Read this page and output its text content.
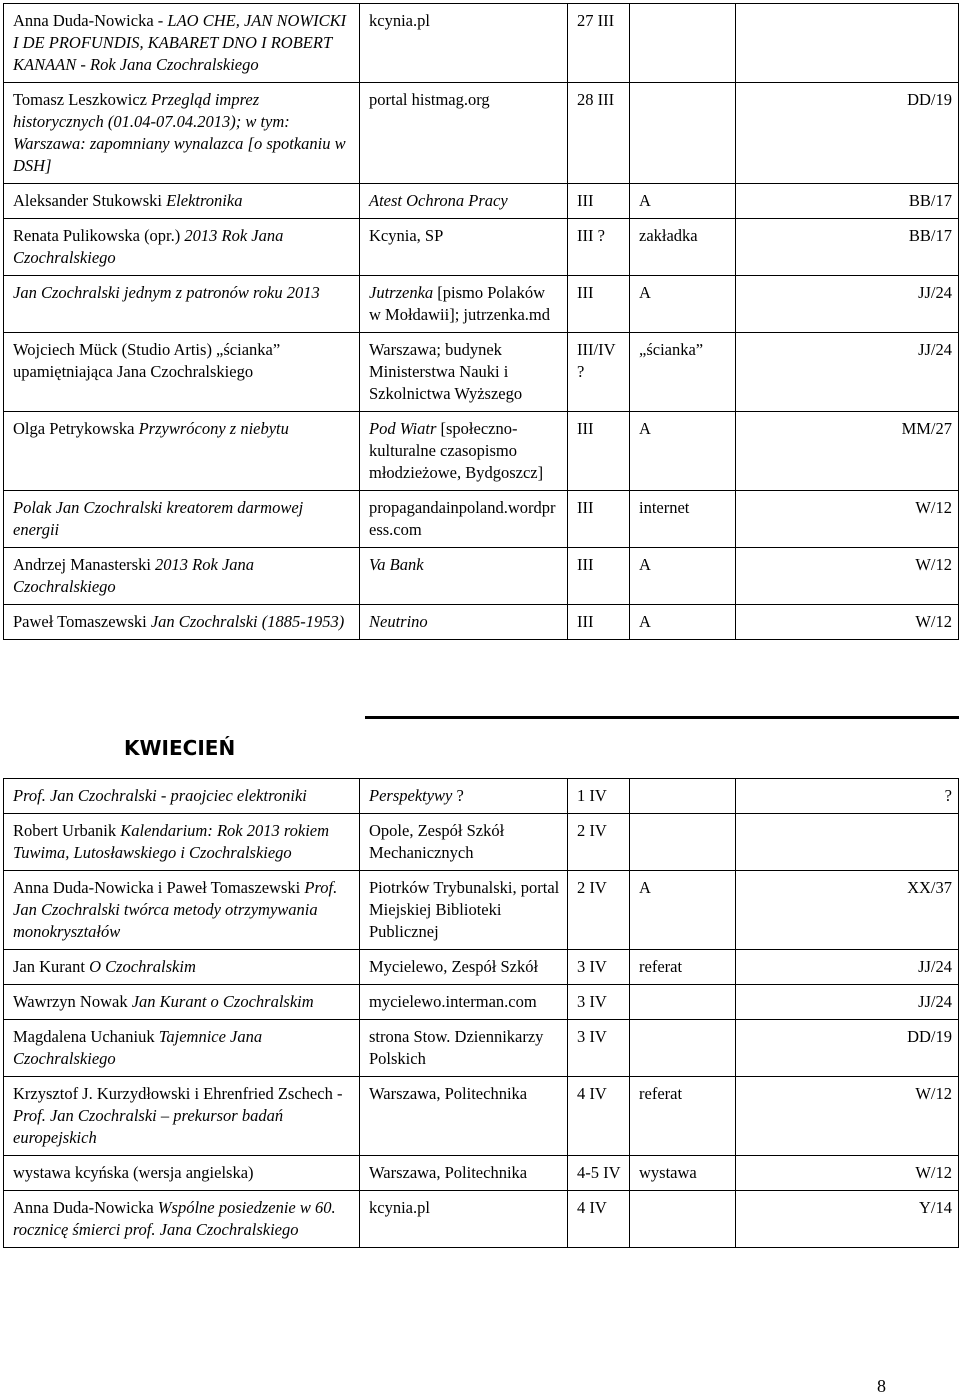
Anna Duda-Nowicka - LAO CHE, JAN NOWICKI I DE PROFUNDIS, KABARET DNO I ROBERT KANAAN - Rok Jana Czochralskiego	kcynia.pl	27 III		
Tomasz Leszkowicz Przegląd imprez historycznych (01.04-07.04.2013); w tym: Warszawa: zapomniany wynalazca [o spotkaniu w DSH]	portal histmag.org	28 III		DD/19
Aleksander Stukowski Elektronika	Atest Ochrona Pracy	III	A	BB/17
Renata Pulikowska (opr.) 2013 Rok Jana Czochralskiego	Kcynia, SP	III ?	zakładka	BB/17
Jan Czochralski jednym z patronów roku 2013	Jutrzenka [pismo Polaków w Mołdawii]; jutrzenka.md	III	A	JJ/24
Wojciech Mück (Studio Artis) „ścianka” upamiętniająca Jana Czochralskiego	Warszawa; budynek Ministerstwa Nauki i Szkolnictwa Wyższego	III/IV ?	„ścianka”	JJ/24
Olga Petrykowska Przywrócony z niebytu	Pod Wiatr [społeczno-kulturalne czasopismo młodzieżowe, Bydgoszcz]	III	A	MM/27
Polak Jan Czochralski kreatorem darmowej energii	propagandainpoland.wordpress.com	III	internet	W/12
Andrzej Manasterski 2013 Rok Jana Czochralskiego	Va Bank	III	A	W/12
Paweł Tomaszewski Jan Czochralski (1885-1953)	Neutrino	III	A	W/12
KWIECIEŃ
Prof. Jan Czochralski - praojciec elektroniki	Perspektywy ?	1 IV		?
Robert Urbanik Kalendarium: Rok 2013 rokiem Tuwima, Lutosławskiego i Czochralskiego	Opole, Zespół Szkół Mechanicznych	2 IV		
Anna Duda-Nowicka i Paweł Tomaszewski Prof. Jan Czochralski twórca metody otrzymywania monokryształów	Piotrków Trybunalski, portal Miejskiej Biblioteki Publicznej	2 IV	A	XX/37
Jan Kurant O Czochralskim	Mycielewo, Zespół Szkół	3 IV	referat	JJ/24
Wawrzyn Nowak Jan Kurant o Czochralskim	mycielewo.interman.com	3 IV		JJ/24
Magdalena Uchaniuk Tajemnice Jana Czochralskiego	strona Stow. Dziennikarzy Polskich	3 IV		DD/19
Krzysztof J. Kurzydłowski i Ehrenfried Zschech - Prof. Jan Czochralski – prekursor badań europejskich	Warszawa, Politechnika	4 IV	referat	W/12
wystawa kcyńska (wersja angielska)	Warszawa, Politechnika	4-5 IV	wystawa	W/12
Anna Duda-Nowicka Wspólne posiedzenie w 60. rocznicę śmierci prof. Jana Czochralskiego	kcynia.pl	4 IV		Y/14
8
